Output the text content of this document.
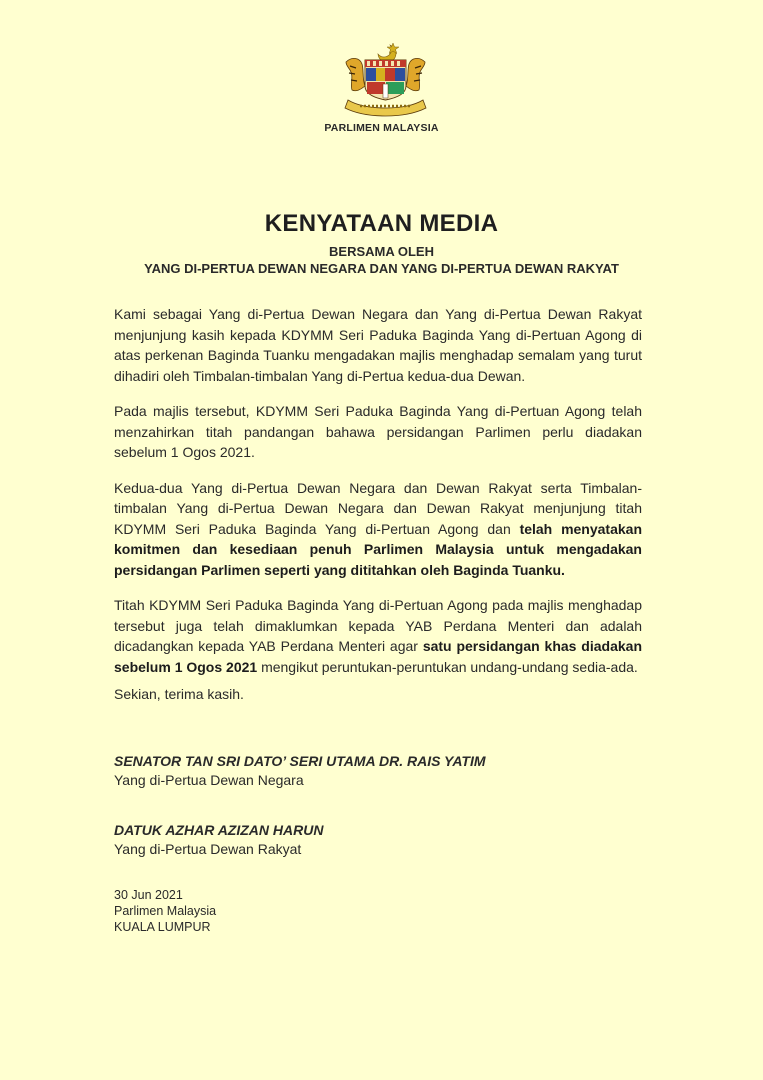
PARLIMEN MALAYSIA
KENYATAAN MEDIA
BERSAMA OLEH
YANG DI-PERTUA DEWAN NEGARA DAN YANG DI-PERTUA DEWAN RAKYAT

Kami sebagai Yang di-Pertua Dewan Negara dan Yang di-Pertua Dewan Rakyat menjunjung kasih kepada KDYMM Seri Paduka Baginda Yang di-Pertuan Agong di atas perkenan Baginda Tuanku mengadakan majlis menghadap semalam yang turut dihadiri oleh Timbalan-timbalan Yang di-Pertua kedua-dua Dewan.

Pada majlis tersebut, KDYMM Seri Paduka Baginda Yang di-Pertuan Agong telah menzahirkan titah pandangan bahawa persidangan Parlimen perlu diadakan sebelum 1 Ogos 2021.

Kedua-dua Yang di-Pertua Dewan Negara dan Dewan Rakyat serta Timbalan-timbalan Yang di-Pertua Dewan Negara dan Dewan Rakyat menjunjung titah KDYMM Seri Paduka Baginda Yang di-Pertuan Agong dan telah menyatakan komitmen dan kesediaan penuh Parlimen Malaysia untuk mengadakan persidangan Parlimen seperti yang dititahkan oleh Baginda Tuanku.

Titah KDYMM Seri Paduka Baginda Yang di-Pertuan Agong pada majlis menghadap tersebut juga telah dimaklumkan kepada YAB Perdana Menteri dan adalah dicadangkan kepada YAB Perdana Menteri agar satu persidangan khas diadakan sebelum 1 Ogos 2021 mengikut peruntukan-peruntukan undang-undang sedia-ada.

Sekian, terima kasih.
SENATOR TAN SRI DATO’ SERI UTAMA DR. RAIS YATIM
Yang di-Pertua Dewan Negara
DATUK AZHAR AZIZAN HARUN
Yang di-Pertua Dewan Rakyat
30 Jun 2021
Parlimen Malaysia
KUALA LUMPUR
